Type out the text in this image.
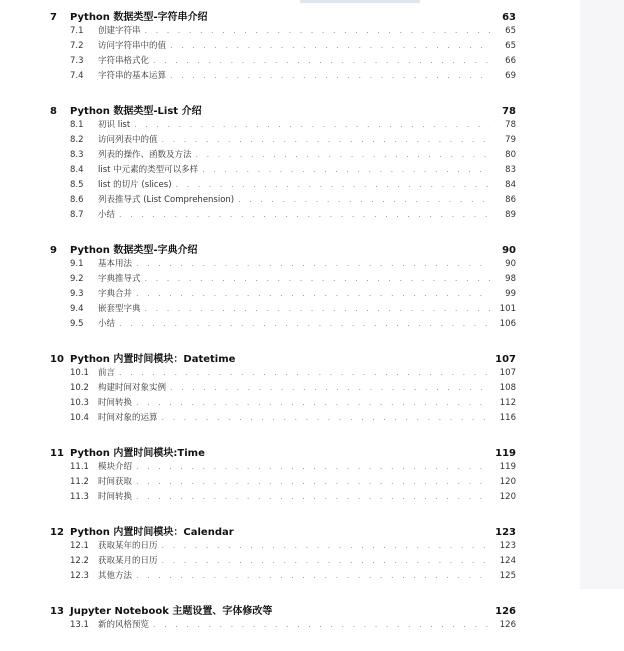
7	Python 数据类型-字符串介绍	63
7.1	创建字符串 . . .	65
7.2	访问字符串中的值 . . .	65
7.3	字符串格式化 . . .	66
7.4	字符串的基本运算 . . .	69
8	Python 数据类型-List 介绍	78
8.1	初识 list . . .	78
8.2	访问列表中的值 . . .	79
8.3	列表的操作、函数及方法 . . .	80
8.4	list 中元素的类型可以多样 . . .	83
8.5	list 的切片 (slices) . . .	84
8.6	列表推导式 (List Comprehension) . . .	86
8.7	小结 . . .	89
9	Python 数据类型-字典介绍	90
9.1	基本用法 . . .	90
9.2	字典推导式 . . .	98
9.3	字典合并 . . .	99
9.4	嵌套型字典 . . .	101
9.5	小结 . . .	106
10 Python 内置时间模块：Datetime	107
10.1	前言 . . .	107
10.2	构建时间对象实例 . . .	108
10.3	时间转换 . . .	112
10.4	时间对象的运算 . . .	116
11 Python 内置时间模块:Time	119
11.1	模块介绍 . . .	119
11.2	时间获取 . . .	120
11.3	时间转换 . . .	120
12 Python 内置时间模块：Calendar	123
12.1	获取某年的日历 . . .	123
12.2	获取某月的日历 . . .	124
12.3	其他方法 . . .	125
13 Jupyter Notebook 主题设置、字体修改等	126
13.1	新的风格预览 . . .	126
